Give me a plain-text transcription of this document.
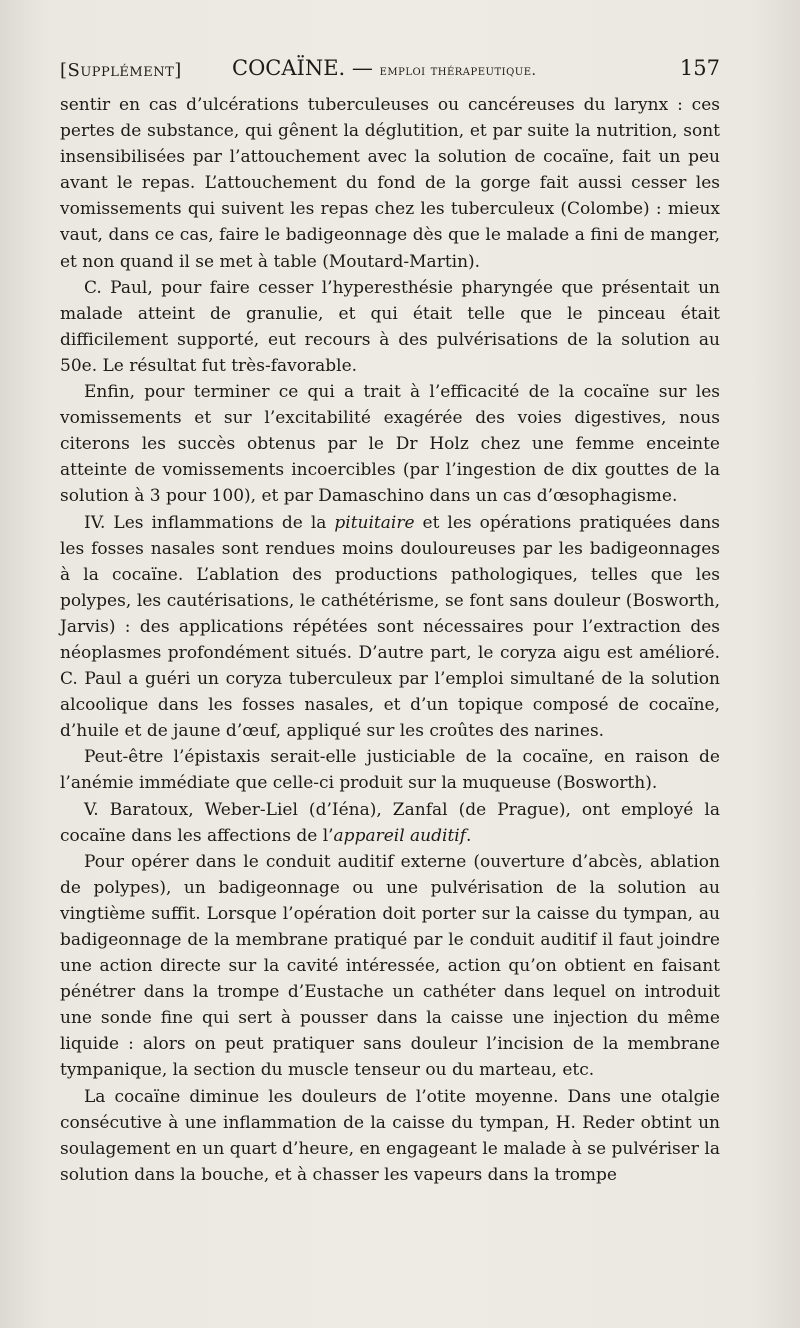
[Supplément] COCAÏNE. — emploi thérapeutique.	157

sentir en cas d’ulcérations tuberculeuses ou cancéreuses du larynx : ces pertes de substance, qui gênent la déglutition, et par suite la nutrition, sont insensibilisées par l’attouchement avec la solution de cocaïne, fait un peu avant le repas. L’attouchement du fond de la gorge fait aussi cesser les vomissements qui suivent les repas chez les tuberculeux (Colombe) : mieux vaut, dans ce cas, faire le badigeonnage dès que le malade a fini de manger, et non quand il se met à table (Moutard-Martin).

C. Paul, pour faire cesser l’hyperesthésie pharyngée que présentait un malade atteint de granulie, et qui était telle que le pinceau était difficilement supporté, eut recours à des pulvérisations de la solution au 50e. Le résultat fut très-favorable.

Enfin, pour terminer ce qui a trait à l’efficacité de la cocaïne sur les vomissements et sur l’excitabilité exagérée des voies digestives, nous citerons les succès obtenus par le Dr Holz chez une femme enceinte atteinte de vomissements incoercibles (par l’ingestion de dix gouttes de la solution à 3 pour 100), et par Damaschino dans un cas d’œsophagisme.

IV. Les inflammations de la pituitaire et les opérations pratiquées dans les fosses nasales sont rendues moins douloureuses par les badigeonnages à la cocaïne. L’ablation des productions pathologiques, telles que les polypes, les cautérisations, le cathétérisme, se font sans douleur (Bosworth, Jarvis) : des applications répétées sont nécessaires pour l’extraction des néoplasmes profondément situés. D’autre part, le coryza aigu est amélioré. C. Paul a guéri un coryza tuberculeux par l’emploi simultané de la solution alcoolique dans les fosses nasales, et d’un topique composé de cocaïne, d’huile et de jaune d’œuf, appliqué sur les croûtes des narines.

Peut-être l’épistaxis serait-elle justiciable de la cocaïne, en raison de l’anémie immédiate que celle-ci produit sur la muqueuse (Bosworth).

V. Baratoux, Weber-Liel (d’Iéna), Zanfal (de Prague), ont employé la cocaïne dans les affections de l’appareil auditif.

Pour opérer dans le conduit auditif externe (ouverture d’abcès, ablation de polypes), un badigeonnage ou une pulvérisation de la solution au vingtième suffit. Lorsque l’opération doit porter sur la caisse du tympan, au badigeonnage de la membrane pratiqué par le conduit auditif il faut joindre une action directe sur la cavité intéressée, action qu’on obtient en faisant pénétrer dans la trompe d’Eustache un cathéter dans lequel on introduit une sonde fine qui sert à pousser dans la caisse une injection du même liquide : alors on peut pratiquer sans douleur l’incision de la membrane tympanique, la section du muscle tenseur ou du marteau, etc.

La cocaïne diminue les douleurs de l’otite moyenne. Dans une otalgie consécutive à une inflammation de la caisse du tympan, H. Reder obtint un soulagement en un quart d’heure, en engageant le malade à se pulvériser la solution dans la bouche, et à chasser les vapeurs dans la trompe
